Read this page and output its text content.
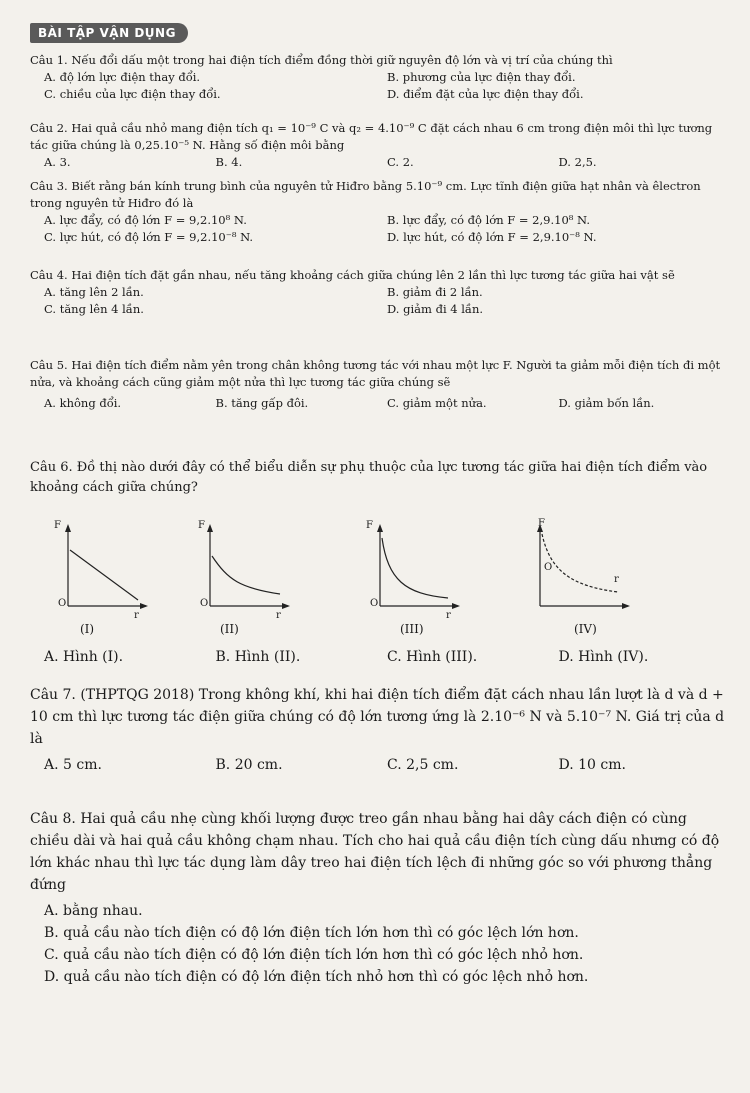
BÀI TẬP VẬN DỤNG
Câu 1. Nếu đổi dấu một trong hai điện tích điểm đồng thời giữ nguyên độ lớn và vị trí của chúng thì
A. độ lớn lực điện thay đổi.	B. phương của lực điện thay đổi.
C. chiều của lực điện thay đổi.	D. điểm đặt của lực điện thay đổi.
Câu 2. Hai quả cầu nhỏ mang điện tích q₁ = 10⁻⁹ C và q₂ = 4.10⁻⁹ C đặt cách nhau 6 cm trong điện môi thì lực tương tác giữa chúng là 0,25.10⁻⁵ N. Hằng số điện môi bằng
A. 3.	B. 4.	C. 2.	D. 2,5.
Câu 3. Biết rằng bán kính trung bình của nguyên tử Hiđro bằng 5.10⁻⁹ cm. Lực tĩnh điện giữa hạt nhân và êlectron trong nguyên tử Hiđro đó là
A. lực đẩy, có độ lớn F = 9,2.10⁸ N.	B. lực đẩy, có độ lớn F = 2,9.10⁸ N.
C. lực hút, có độ lớn F = 9,2.10⁻⁸ N.	D. lực hút, có độ lớn F = 2,9.10⁻⁸ N.
Câu 4. Hai điện tích đặt gần nhau, nếu tăng khoảng cách giữa chúng lên 2 lần thì lực tương tác giữa hai vật sẽ
A. tăng lên 2 lần.	B. giảm đi 2 lần.
C. tăng lên 4 lần.	D. giảm đi 4 lần.
Câu 5. Hai điện tích điểm nằm yên trong chân không tương tác với nhau một lực F. Người ta giảm mỗi điện tích đi một nửa, và khoảng cách cũng giảm một nửa thì lực tương tác giữa chúng sẽ
A. không đổi.	B. tăng gấp đôi.	C. giảm một nửa.	D. giảm bốn lần.
Câu 6. Đồ thị nào dưới đây có thể biểu diễn sự phụ thuộc của lực tương tác giữa hai điện tích điểm vào khoảng cách giữa chúng?
F
O
r
(I)
F
O
r
(II)
F
O
r
(III)
F
O
r
(IV)
A. Hình (I).	B. Hình (II).	C. Hình (III).	D. Hình (IV).
Câu 7. (THPTQG 2018) Trong không khí, khi hai điện tích điểm đặt cách nhau lần lượt là d và d + 10 cm thì lực tương tác điện giữa chúng có độ lớn tương ứng là 2.10⁻⁶ N và 5.10⁻⁷ N. Giá trị của d là
A. 5 cm.	B. 20 cm.	C. 2,5 cm.	D. 10 cm.
Câu 8. Hai quả cầu nhẹ cùng khối lượng được treo gần nhau bằng hai dây cách điện có cùng chiều dài và hai quả cầu không chạm nhau. Tích cho hai quả cầu điện tích cùng dấu nhưng có độ lớn khác nhau thì lực tác dụng làm dây treo hai điện tích lệch đi những góc so với phương thẳng đứng
A. bằng nhau.
B. quả cầu nào tích điện có độ lớn điện tích lớn hơn thì có góc lệch lớn hơn.
C. quả cầu nào tích điện có độ lớn điện tích lớn hơn thì có góc lệch nhỏ hơn.
D. quả cầu nào tích điện có độ lớn điện tích nhỏ hơn thì có góc lệch nhỏ hơn.
